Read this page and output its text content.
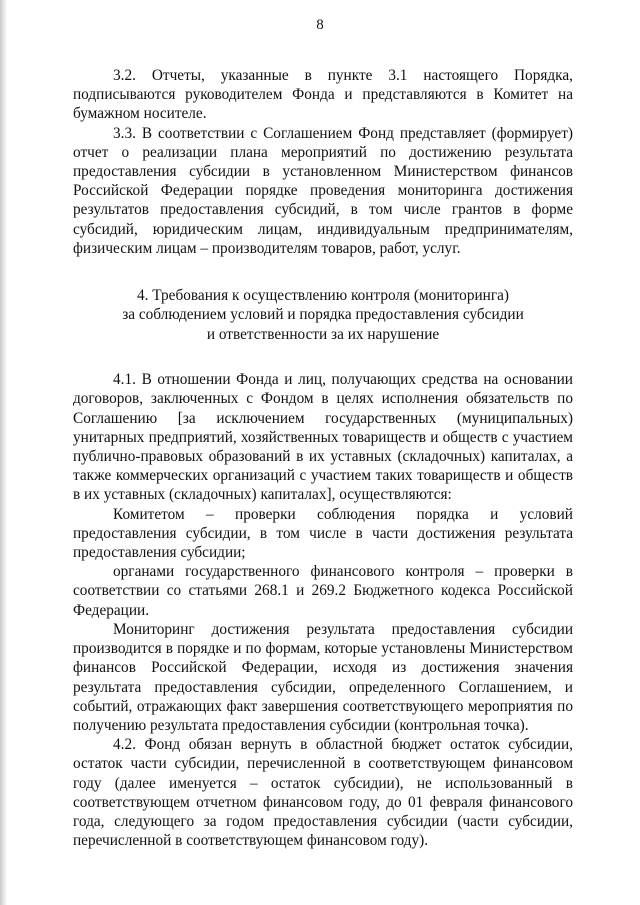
8

3.2. Отчеты, указанные в пункте 3.1 настоящего Порядка, подписываются руководителем Фонда и представляются в Комитет на бумажном носителе.

3.3. В соответствии с Соглашением Фонд представляет (формирует) отчет о реализации плана мероприятий по достижению результата предоставления субсидии в установленном Министерством финансов Российской Федерации порядке проведения мониторинга достижения результатов предоставления субсидий, в том числе грантов в форме субсидий, юридическим лицам, индивидуальным предпринимателям, физическим лицам – производителям товаров, работ, услуг.

4. Требования к осуществлению контроля (мониторинга)
за соблюдением условий и порядка предоставления субсидии
и ответственности за их нарушение

4.1. В отношении Фонда и лиц, получающих средства на основании договоров, заключенных с Фондом в целях исполнения обязательств по Соглашению [за исключением государственных (муниципальных) унитарных предприятий, хозяйственных товариществ и обществ с участием публично-правовых образований в их уставных (складочных) капиталах, а также коммерческих организаций с участием таких товариществ и обществ в их уставных (складочных) капиталах], осуществляются:

Комитетом – проверки соблюдения порядка и условий предоставления субсидии, в том числе в части достижения результата предоставления субсидии;

органами государственного финансового контроля – проверки в соответствии со статьями 268.1 и 269.2 Бюджетного кодекса Российской Федерации.

Мониторинг достижения результата предоставления субсидии производится в порядке и по формам, которые установлены Министерством финансов Российской Федерации, исходя из достижения значения результата предоставления субсидии, определенного Соглашением, и событий, отражающих факт завершения соответствующего мероприятия по получению результата предоставления субсидии (контрольная точка).

4.2. Фонд обязан вернуть в областной бюджет остаток субсидии, остаток части субсидии, перечисленной в соответствующем финансовом году (далее именуется – остаток субсидии), не использованный в соответствующем отчетном финансовом году, до 01 февраля финансового года, следующего за годом предоставления субсидии (части субсидии, перечисленной в соответствующем финансовом году).
